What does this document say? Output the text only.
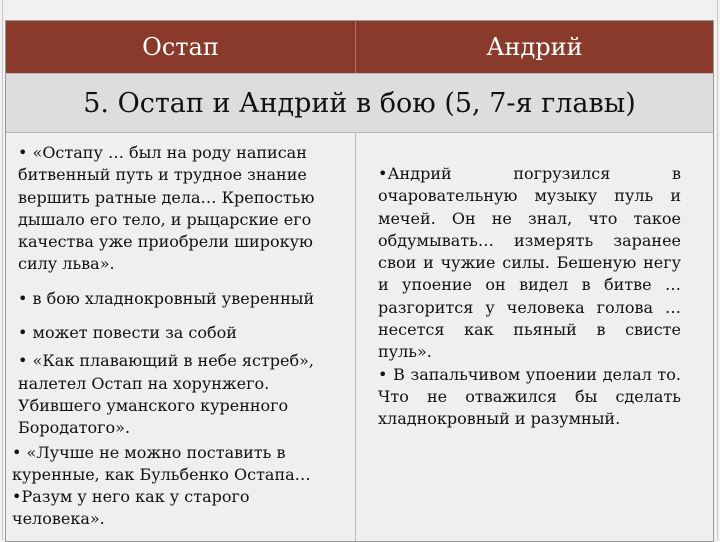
Остап	Андрий
5. Остап и Андрий в бою (5, 7-я главы)
• «Остапу … был на роду написан битвенный путь и трудное знание вершить ратные дела… Крепостью дышало его тело, и рыцарские его качества уже приобрели широкую силу льва».
• в бою хладнокровный уверенный
• может повести за собой
• «Как плавающий в небе ястреб», налетел Остап на хорунжего. Убившего уманского куренного Бородатого».
• «Лучше не можно поставить в куренные, как Бульбенко Остапа…
•Разум у него как у старого человека».

•Андрий погрузился в очаровательную музыку пуль и мечей. Он не знал, что такое обдумывать… измерять заранее свои и чужие силы. Бешеную негу и упоение он видел в битве … разгорится у человека голова … несется как пьяный в свисте пуль».

• В запальчивом упоении делал то. Что не отважился бы сделать хладнокровный и разумный.
